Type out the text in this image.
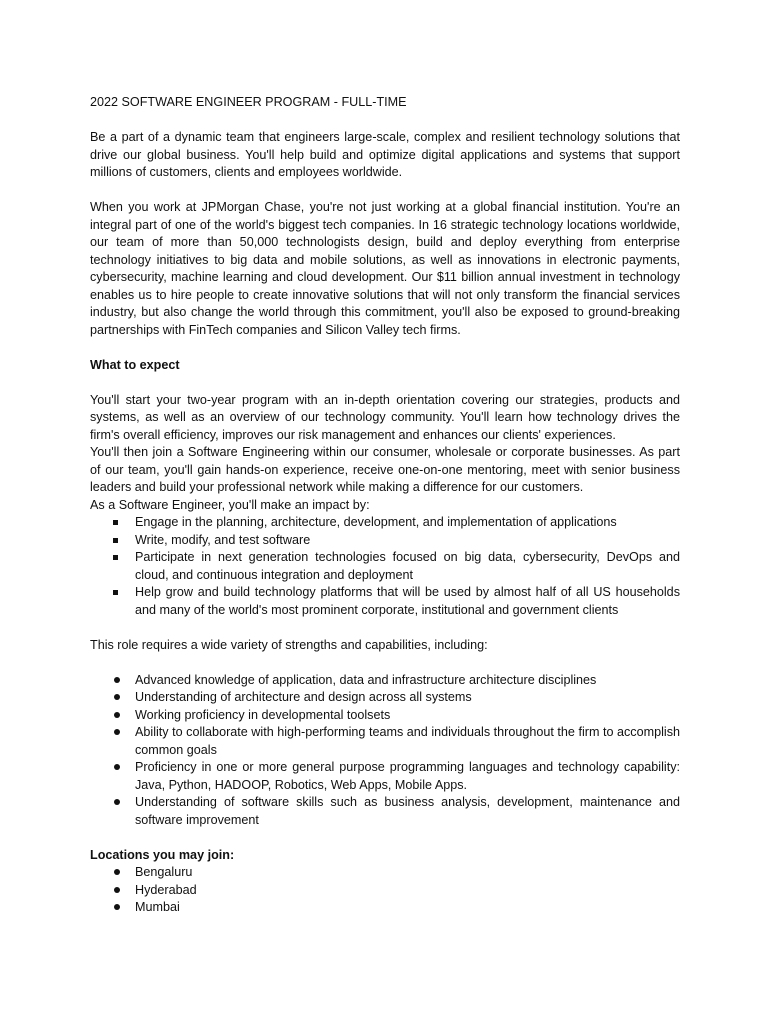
2022 SOFTWARE ENGINEER PROGRAM - FULL-TIME

Be a part of a dynamic team that engineers large-scale, complex and resilient technology solutions that drive our global business. You'll help build and optimize digital applications and systems that support millions of customers, clients and employees worldwide.

When you work at JPMorgan Chase, you're not just working at a global financial institution. You're an integral part of one of the world's biggest tech companies. In 16 strategic technology locations worldwide, our team of more than 50,000 technologists design, build and deploy everything from enterprise technology initiatives to big data and mobile solutions, as well as innovations in electronic payments, cybersecurity, machine learning and cloud development. Our $11 billion annual investment in technology enables us to hire people to create innovative solutions that will not only transform the financial services industry, but also change the world through this commitment, you'll also be exposed to ground-breaking partnerships with FinTech companies and Silicon Valley tech firms.

What to expect

You'll start your two-year program with an in-depth orientation covering our strategies, products and systems, as well as an overview of our technology community. You'll learn how technology drives the firm's overall efficiency, improves our risk management and enhances our clients' experiences.

You'll then join a Software Engineering within our consumer, wholesale or corporate businesses. As part of our team, you'll gain hands-on experience, receive one-on-one mentoring, meet with senior business leaders and build your professional network while making a difference for our customers.

As a Software Engineer, you'll make an impact by:

Engage in the planning, architecture, development, and implementation of applications
Write, modify, and test software
Participate in next generation technologies focused on big data, cybersecurity, DevOps and cloud, and continuous integration and deployment
Help grow and build technology platforms that will be used by almost half of all US households and many of the world's most prominent corporate, institutional and government clients

This role requires a wide variety of strengths and capabilities, including:

Advanced knowledge of application, data and infrastructure architecture disciplines
Understanding of architecture and design across all systems
Working proficiency in developmental toolsets
Ability to collaborate with high-performing teams and individuals throughout the firm to accomplish common goals
Proficiency in one or more general purpose programming languages and technology capability: Java, Python, HADOOP, Robotics, Web Apps, Mobile Apps.
Understanding of software skills such as business analysis, development, maintenance and software improvement

Locations you may join:

Bengaluru
Hyderabad
Mumbai
